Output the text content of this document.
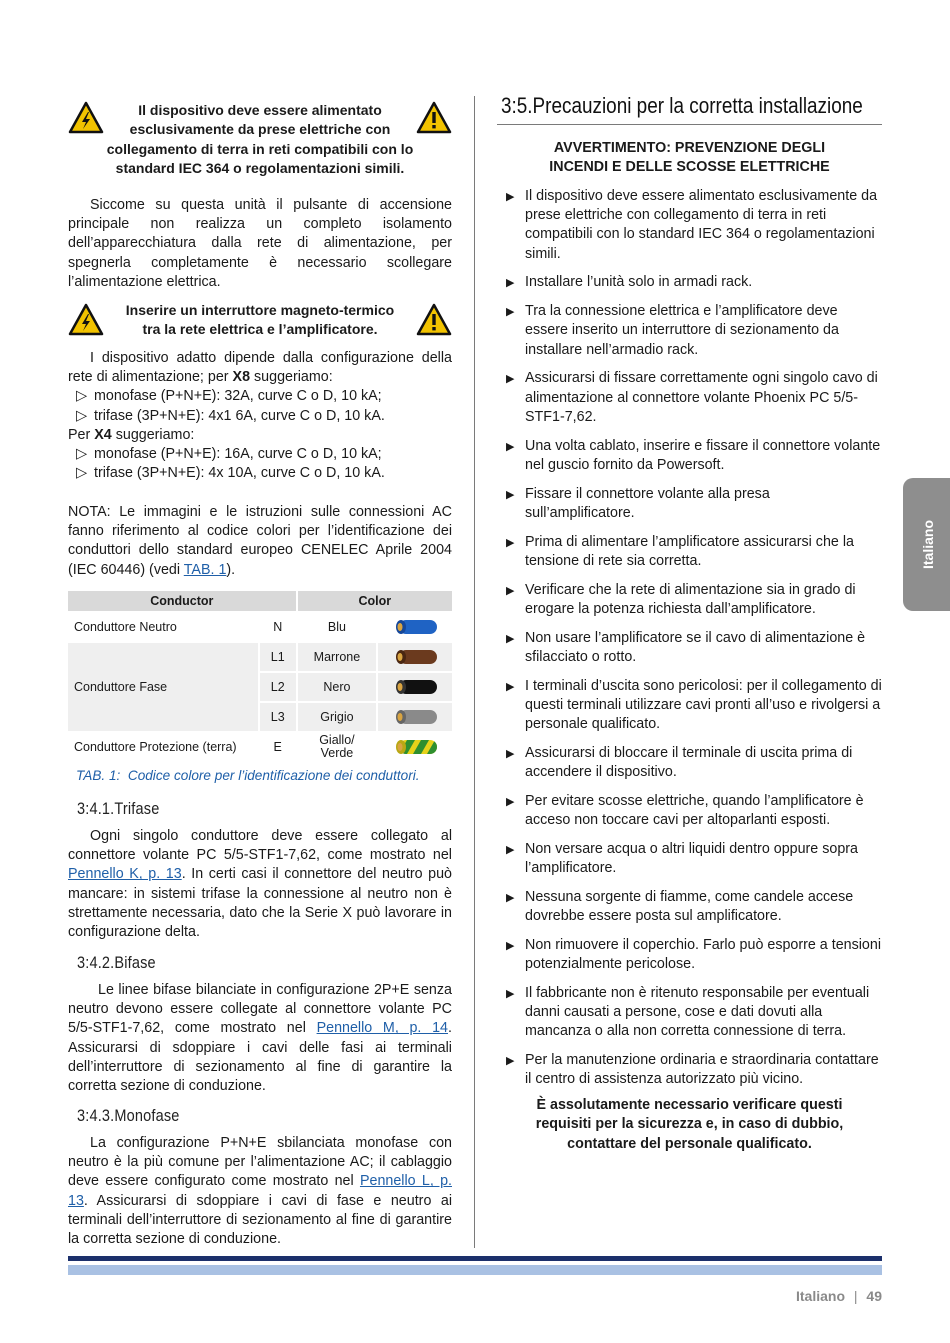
Il dispositivo deve essere alimentato
esclusivamente da prese elettriche con
collegamento di terra in reti compatibili con lo
standard IEC 364 o regolamentazioni simili.
Siccome su questa unità il pulsante di accensione principale non realizza un completo isolamento dell’apparecchiatura dalla rete di alimentazione, per spegnerla completamente è necessario scollegare l’alimentazione elettrica.
Inserire un interruttore magneto-termico
tra la rete elettrica e l’amplificatore.
I dispositivo adatto dipende dalla configurazione della rete di alimentazione; per X8 suggeriamo:
▷ monofase (P+N+E): 32A, curve C o D, 10 kA;
▷ trifase (3P+N+E): 4x1 6A, curve C o D, 10 kA.
Per X4 suggeriamo:
▷ monofase (P+N+E): 16A, curve C o D, 10 kA;
▷ trifase (3P+N+E): 4x 10A, curve C o D, 10 kA.
NOTA: Le immagini e le istruzioni sulle connessioni AC fanno riferimento al codice colori per l’identificazione dei conduttori dello standard europeo CENELEC Aprile 2004 (IEC 60446) (vedi TAB. 1).
Conductor		Color	
Conduttore Neutro	N	Blu	
Conduttore Fase	L1	Marrone	
	L2	Nero	
	L3	Grigio	
Conduttore Protezione (terra)	E	Giallo/
Verde

TAB. 1:  Codice colore per l’identificazione dei conduttori.
3:4.1.Trifase
Ogni singolo conduttore deve essere collegato al connettore volante PC 5/5-STF1-7,62, come mostrato nel Pennello K, p. 13. In certi casi il connettore del neutro può mancare: in sistemi trifase la connessione al neutro non è strettamente necessaria, dato che la Serie X può lavorare in configurazione delta.
3:4.2.Bifase
Le linee bifase bilanciate in configurazione 2P+E senza neutro devono essere collegate al connettore volante PC 5/5-STF1-7,62, come mostrato nel Pennello M, p. 14. Assicurarsi di sdoppiare i cavi delle fasi ai terminali dell’interruttore di sezionamento al fine di garantire la corretta sezione di conduzione.
3:4.3.Monofase
La configurazione P+N+E sbilanciata monofase con neutro è la più comune per l’alimentazione AC; il cablaggio deve essere configurato come mostrato nel Pennello L, p. 13. Assicurarsi di sdoppiare i cavi di fase e neutro ai terminali dell’interruttore di sezionamento al fine di garantire la corretta sezione di conduzione.
3:5.Precauzioni per la corretta installazione
AVVERTIMENTO: PREVENZIONE DEGLI
INCENDI E DELLE SCOSSE ELETTRICHE
▶ Il dispositivo deve essere alimentato esclusivamente da prese elettriche con collegamento di terra in reti compatibili con lo standard IEC 364 o regolamentazioni simili.
▶ Installare l’unità solo in armadi rack.
▶ Tra la connessione elettrica e l’amplificatore deve essere inserito un interruttore di sezionamento da installare nell’armadio rack.
▶ Assicurarsi di fissare correttamente ogni singolo cavo di alimentazione al connettore volante Phoenix PC 5/5-STF1-7,62.
▶ Una volta cablato, inserire e fissare il connettore volante nel guscio fornito da Powersoft.
▶ Fissare il connettore volante alla presa sull’amplificatore.
▶ Prima di alimentare l’amplificatore assicurarsi che la tensione di rete sia corretta.
▶ Verificare che la rete di alimentazione sia in grado di erogare la potenza richiesta dall’amplificatore.
▶ Non usare l’amplificatore se il cavo di alimentazione è sfilacciato o rotto.
▶ I terminali d’uscita sono pericolosi: per il collegamento di questi terminali utilizzare cavi pronti all’uso e rivolgersi a personale qualificato.
▶ Assicurarsi di bloccare il terminale di uscita prima di accendere il dispositivo.
▶ Per evitare scosse elettriche, quando l’amplificatore è acceso non toccare cavi per altoparlanti esposti.
▶ Non versare acqua o altri liquidi dentro oppure sopra l’amplificatore.
▶ Nessuna sorgente di fiamme, come candele accese dovrebbe essere posta sul amplificatore.
▶ Non rimuovere il coperchio. Farlo può esporre a tensioni potenzialmente pericolose.
▶ Il fabbricante non è ritenuto responsabile per eventuali danni causati a persone, cose e dati dovuti alla mancanza o alla non corretta connessione di terra.
▶ Per la manutenzione ordinaria e straordinaria contattare il centro di assistenza autorizzato più vicino.
È assolutamente necessario verificare questi
requisiti per la sicurezza e, in caso di dubbio,
contattare del personale qualificato.
Italiano
Italiano | 49
